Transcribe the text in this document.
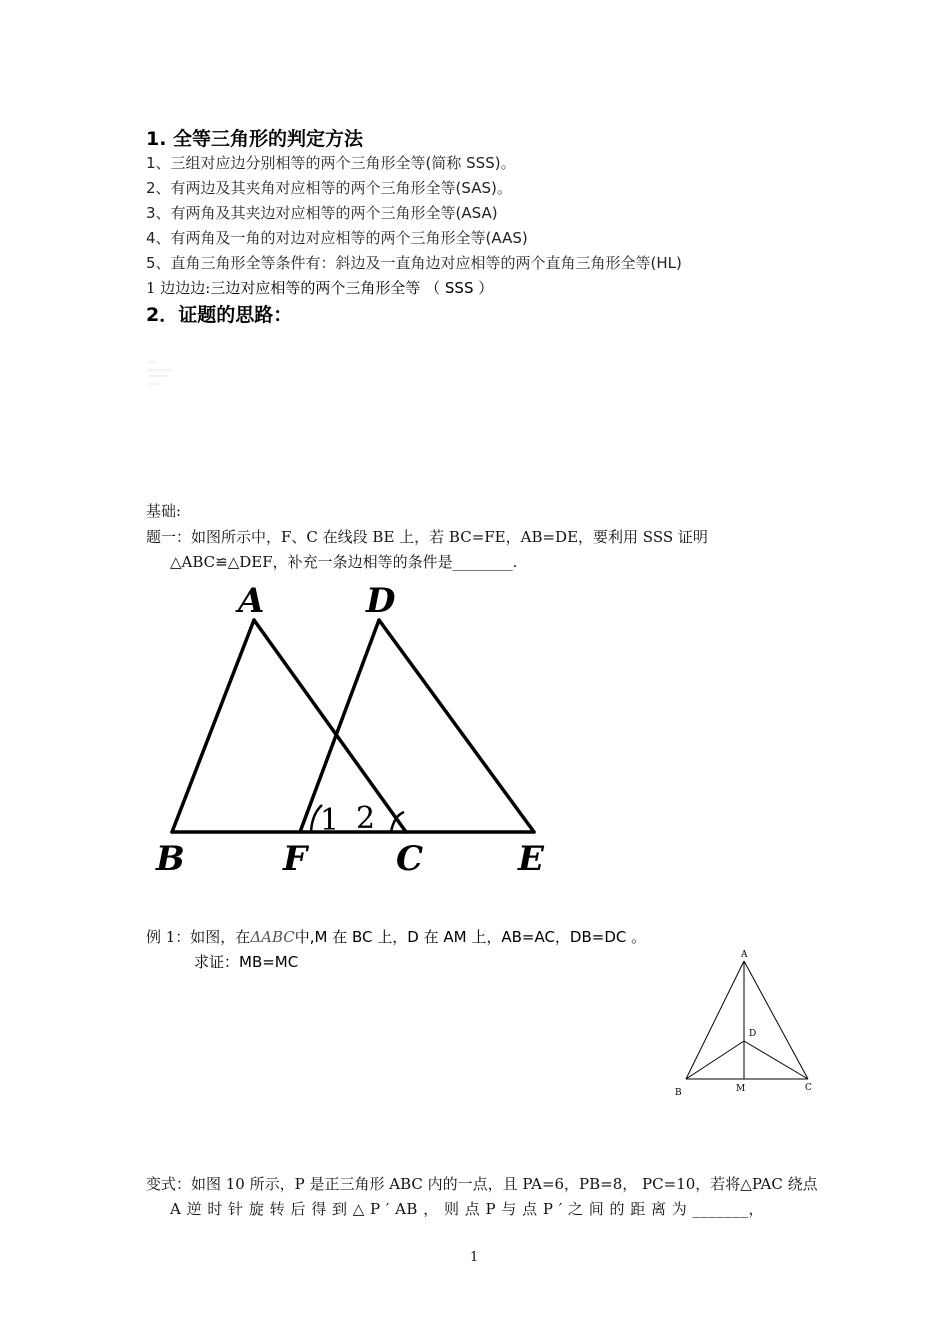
1. 全等三角形的判定方法
1、三组对应边分别相等的两个三角形全等(简称 SSS)。
2、有两边及其夹角对应相等的两个三角形全等(SAS)。
3、有两角及其夹边对应相等的两个三角形全等(ASA)
4、有两角及一角的对边对应相等的两个三角形全等(AAS)
5、直角三角形全等条件有：斜边及一直角边对应相等的两个直角三角形全等(HL)
1 边边边:三边对应相等的两个三角形全等 （ SSS ）
2．证题的思路：
基础:
题一：如图所示中，F、C 在线段 BE 上，若 BC=FE，AB=DE，要利用 SSS 证明
△ABC≌△DEF，补充一条边相等的条件是________.
A	D
B	F	C	E
1 2
例 1：如图，在ΔABC中,M 在 BC 上，D 在 AM 上，AB=AC，DB=DC 。
求证：MB=MC	A
D
B	M	C
变式：如图 10 所示，P 是正三角形 ABC 内的一点，且 PA=6，PB=8， PC=10，若将△PAC 绕点
A 逆 时 针 旋 转 后 得 到 △ P ′ AB ， 则 点 P 与 点 P ′ 之 间 的 距 离 为 _______，
1
